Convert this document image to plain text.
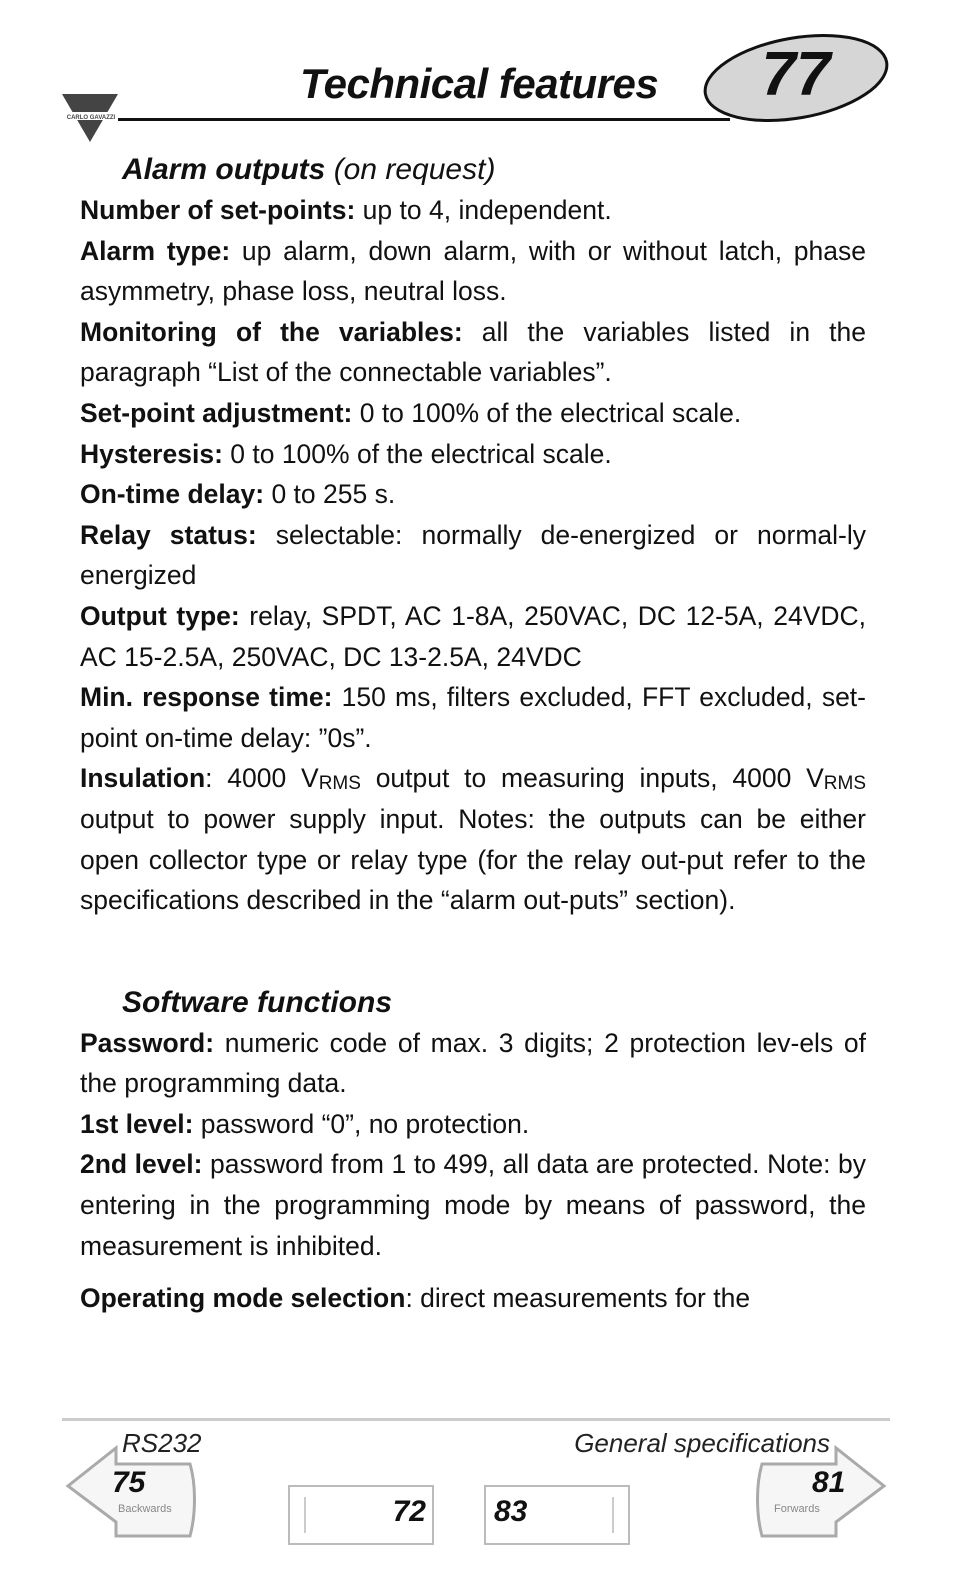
CARLO GAVAZZI
Technical features	77
Alarm outputs (on request)

Number of set-points: up to 4, independent.

Alarm type: up alarm, down alarm, with or without latch, phase asymmetry, phase loss, neutral loss.

Monitoring of the variables: all the variables listed in the paragraph “List of the connectable variables”.

Set-point adjustment: 0 to 100% of the electrical scale.

Hysteresis: 0 to 100% of the electrical scale.

On-time delay: 0 to 255 s.

Relay status: selectable: normally de-energized or normal-ly energized

Output type: relay, SPDT, AC 1-8A, 250VAC, DC 12-5A, 24VDC, AC 15-2.5A, 250VAC, DC 13-2.5A, 24VDC

Min. response time: 150 ms, filters excluded, FFT excluded, set-point on-time delay: ”0s”.

Insulation: 4000 $V_{RMS}$ output to measuring inputs, 4000 $V_{RMS}$ output to power supply input. Notes: the outputs can be either open collector type or relay type (for the relay out-put refer to the specifications described in the “alarm out-puts” section).

Software functions

Password: numeric code of max. 3 digits; 2 protection lev-els of the programming data.

1st level: password “0”, no protection.

2nd level: password from 1 to 499, all data are protected. Note: by entering in the programming mode by means of password, the measurement is inhibited.

Operating mode selection: direct measurements for the

RS232	General specifications
75
Backwards
81
Forwards
72 83
